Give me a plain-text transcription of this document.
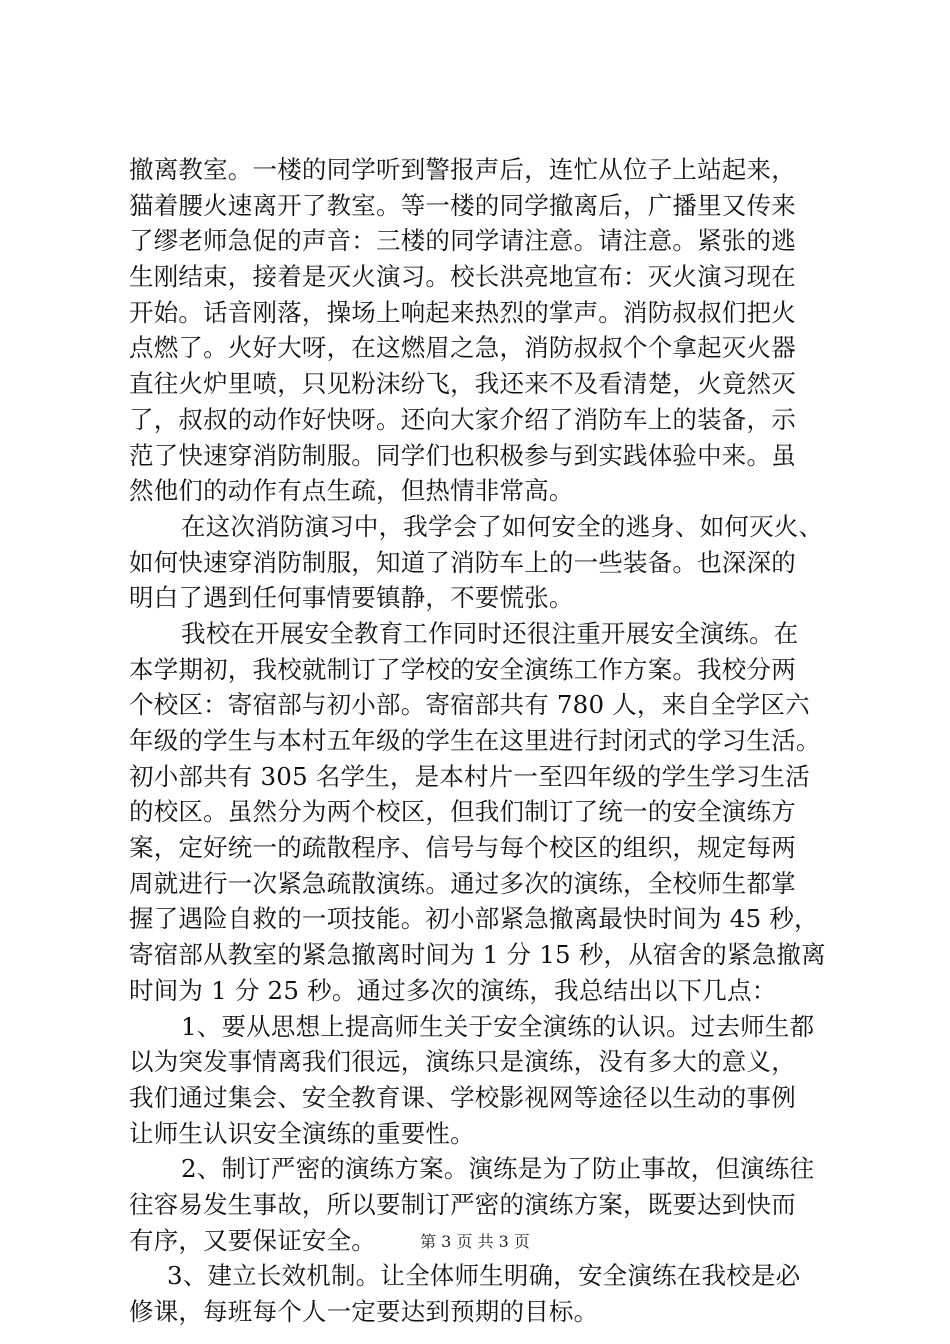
撤离教室。一楼的同学听到警报声后，连忙从位子上站起来，
猫着腰火速离开了教室。等一楼的同学撤离后，广播里又传来
了缪老师急促的声音：三楼的同学请注意。请注意。紧张的逃
生刚结束，接着是灭火演习。校长洪亮地宣布：灭火演习现在
开始。话音刚落，操场上响起来热烈的掌声。消防叔叔们把火
点燃了。火好大呀，在这燃眉之急，消防叔叔个个拿起灭火器
直往火炉里喷，只见粉沫纷飞，我还来不及看清楚，火竟然灭
了，叔叔的动作好快呀。还向大家介绍了消防车上的装备，示
范了快速穿消防制服。同学们也积极参与到实践体验中来。虽
然他们的动作有点生疏，但热情非常高。
在这次消防演习中，我学会了如何安全的逃身、如何灭火、
如何快速穿消防制服，知道了消防车上的一些装备。也深深的
明白了遇到任何事情要镇静，不要慌张。
我校在开展安全教育工作同时还很注重开展安全演练。在
本学期初，我校就制订了学校的安全演练工作方案。我校分两
个校区：寄宿部与初小部。寄宿部共有 780 人，来自全学区六
年级的学生与本村五年级的学生在这里进行封闭式的学习生活。
初小部共有 305 名学生，是本村片一至四年级的学生学习生活
的校区。虽然分为两个校区，但我们制订了统一的安全演练方
案，定好统一的疏散程序、信号与每个校区的组织，规定每两
周就进行一次紧急疏散演练。通过多次的演练，全校师生都掌
握了遇险自救的一项技能。初小部紧急撤离最快时间为 45 秒，
寄宿部从教室的紧急撤离时间为 1 分 15 秒，从宿舍的紧急撤离
时间为 1 分 25 秒。通过多次的演练，我总结出以下几点：
1、要从思想上提高师生关于安全演练的认识。过去师生都
以为突发事情离我们很远，演练只是演练，没有多大的意义，
我们通过集会、安全教育课、学校影视网等途径以生动的事例
让师生认识安全演练的重要性。
2、制订严密的演练方案。演练是为了防止事故，但演练往
往容易发生事故，所以要制订严密的演练方案，既要达到快而
有序，又要保证安全。
3、建立长效机制。让全体师生明确，安全演练在我校是必
修课，每班每个人一定要达到预期的目标。
第 3 页 共 3 页
